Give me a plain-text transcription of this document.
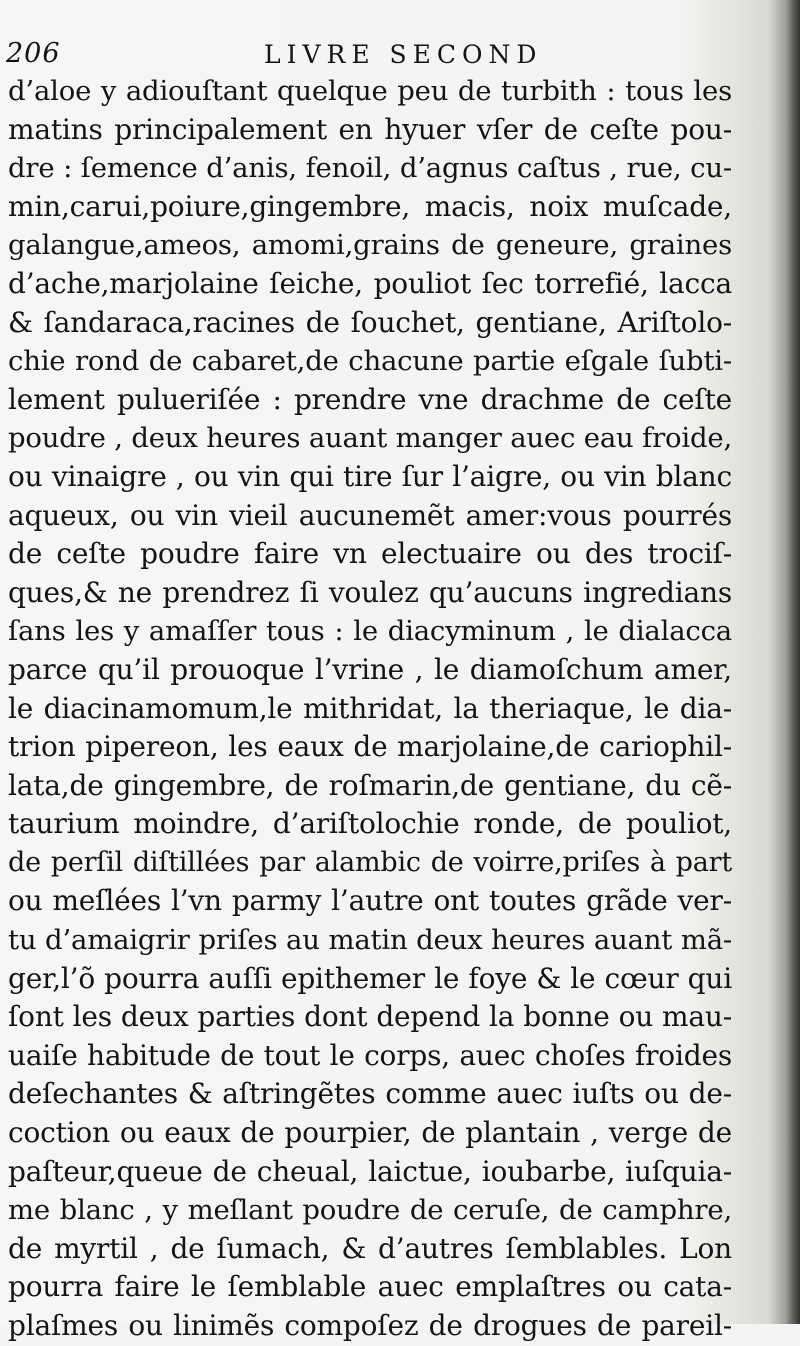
206	LIVRE SECOND
d’aloe y adiouſtant quelque peu de turbith : tous les
matins principalement en hyuer vſer de ceſte pou-
dre : ſemence d’anis, fenoil, d’agnus caſtus , rue, cu-
min,carui,poiure,gingembre, macis, noix muſcade,
galangue,ameos, amomi,grains de geneure, graines
d’ache,marjolaine ſeiche, pouliot ſec torrefié, lacca
& ſandaraca,racines de ſouchet, gentiane, Ariſtolo-
chie rond de cabaret,de chacune partie eſgale ſubti-
lement pulueriſée : prendre vne drachme de ceſte
poudre , deux heures auant manger auec eau froide,
ou vinaigre , ou vin qui tire ſur l’aigre, ou vin blanc
aqueux, ou vin vieil aucunemẽt amer:vous pourrés
de ceſte poudre faire vn electuaire ou des trociſ-
ques,& ne prendrez ſi voulez qu’aucuns ingredians
ſans les y amaſſer tous : le diacyminum , le dialacca
parce qu’il prouoque l’vrine , le diamoſchum amer,
le diacinamomum,le mithridat, la theriaque, le dia-
trion pipereon, les eaux de marjolaine,de cariophil-
lata,de gingembre, de roſmarin,de gentiane, du cẽ-
taurium moindre, d’ariſtolochie ronde, de pouliot,
de perſil diſtillées par alambic de voirre,priſes à part
ou meſlées l’vn parmy l’autre ont toutes grãde ver-
tu d’amaigrir priſes au matin deux heures auant mã-
ger,l’õ pourra auſſi epithemer le foye & le cœur qui
ſont les deux parties dont depend la bonne ou mau-
uaiſe habitude de tout le corps, auec choſes froides
deſechantes & aſtringẽtes comme auec iuſts ou de-
coction ou eaux de pourpier, de plantain , verge de
paſteur,queue de cheual, laictue, ioubarbe, iuſquia-
me blanc , y meſlant poudre de ceruſe, de camphre,
de myrtil , de ſumach, & d’autres ſemblables. Lon
pourra faire le ſemblable auec emplaſtres ou cata-
plaſmes ou linimẽs compoſez de drogues de pareil-
